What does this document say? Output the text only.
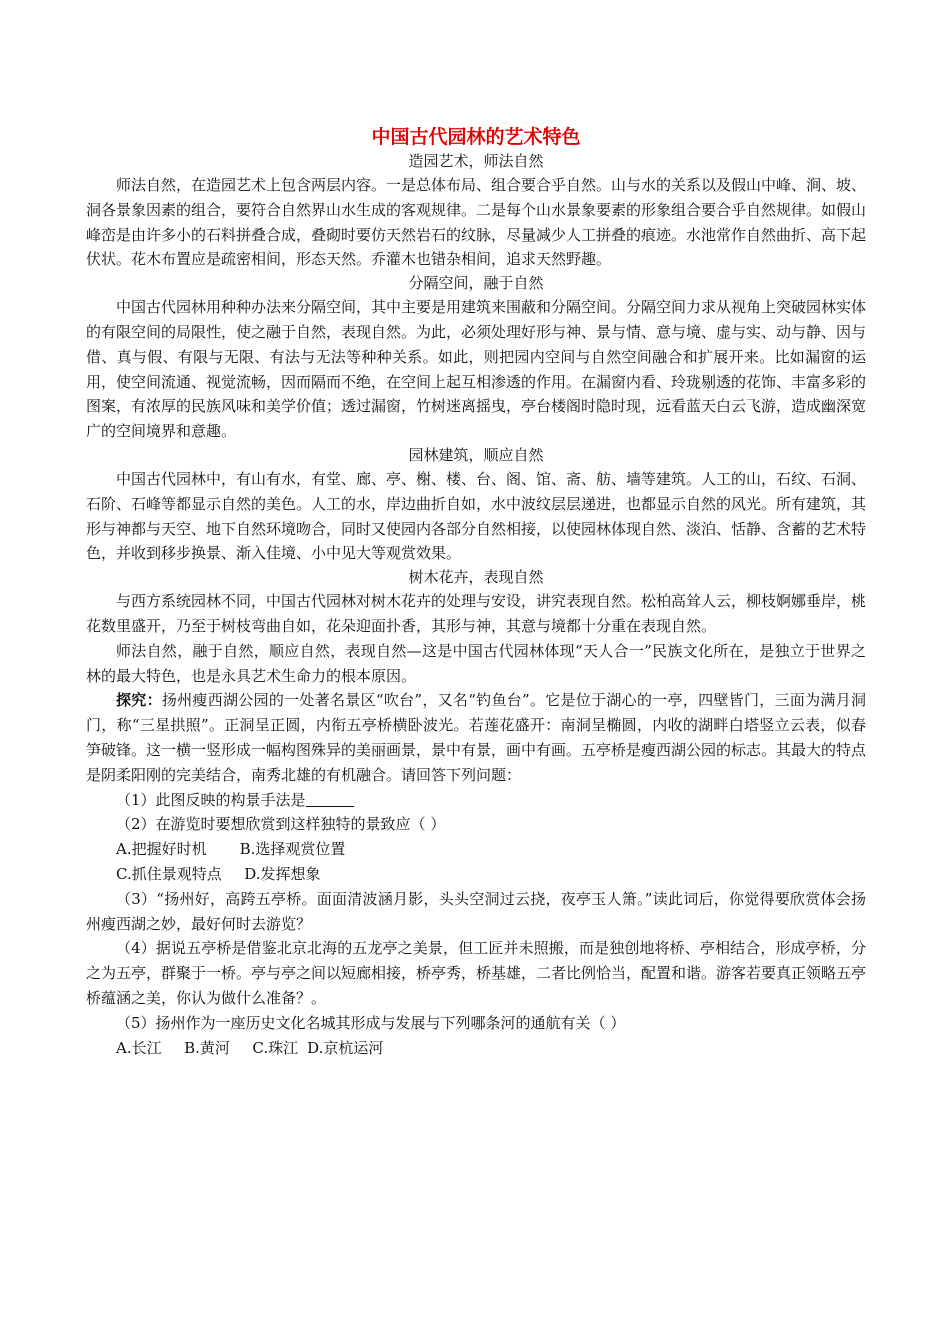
中国古代园林的艺术特色
造园艺术，师法自然

师法自然，在造园艺术上包含两层内容。一是总体布局、组合要合乎自然。山与水的关系以及假山中峰、涧、坡、洞各景象因素的组合，要符合自然界山水生成的客观规律。二是每个山水景象要素的形象组合要合乎自然规律。如假山峰峦是由许多小的石料拼叠合成，叠砌时要仿天然岩石的纹脉，尽量减少人工拼叠的痕迹。水池常作自然曲折、高下起伏状。花木布置应是疏密相间，形态天然。乔灌木也错杂相间，追求天然野趣。

分隔空间，融于自然

中国古代园林用种种办法来分隔空间，其中主要是用建筑来围蔽和分隔空间。分隔空间力求从视角上突破园林实体的有限空间的局限性，使之融于自然，表现自然。为此，必须处理好形与神、景与情、意与境、虚与实、动与静、因与借、真与假、有限与无限、有法与无法等种种关系。如此，则把园内空间与自然空间融合和扩展开来。比如漏窗的运用，使空间流通、视觉流畅，因而隔而不绝，在空间上起互相渗透的作用。在漏窗内看、玲珑剔透的花饰、丰富多彩的图案，有浓厚的民族风味和美学价值；透过漏窗，竹树迷离摇曳，亭台楼阁时隐时现，远看蓝天白云飞游，造成幽深宽广的空间境界和意趣。

园林建筑，顺应自然

中国古代园林中，有山有水，有堂、廊、亭、榭、楼、台、阁、馆、斋、舫、墙等建筑。人工的山，石纹、石洞、石阶、石峰等都显示自然的美色。人工的水，岸边曲折自如，水中波纹层层递进，也都显示自然的风光。所有建筑，其形与神都与天空、地下自然环境吻合，同时又使园内各部分自然相接，以使园林体现自然、淡泊、恬静、含蓄的艺术特色，并收到移步换景、渐入佳境、小中见大等观赏效果。

树木花卉，表现自然

与西方系统园林不同，中国古代园林对树木花卉的处理与安设，讲究表现自然。松柏高耸人云，柳枝婀娜垂岸，桃花数里盛开，乃至于树枝弯曲自如，花朵迎面扑香，其形与神，其意与境都十分重在表现自然。

师法自然，融于自然，顺应自然，表现自然—这是中国古代园林体现“天人合一”民族文化所在，是独立于世界之林的最大特色，也是永具艺术生命力的根本原因。

探究：扬州瘦西湖公园的一处著名景区“吹台”，又名“钓鱼台”。它是位于湖心的一亭，四壁皆门，三面为满月洞门，称“三星拱照”。正洞呈正圆，内衔五亭桥横卧波光。若莲花盛开：南洞呈椭圆，内收的湖畔白塔竖立云表，似春笋破锋。这一横一竖形成一幅构图殊异的美丽画景，景中有景，画中有画。五亭桥是瘦西湖公园的标志。其最大的特点是阴柔阳刚的完美结合，南秀北雄的有机融合。请回答下列问题：

（1）此图反映的构景手法是

（2）在游览时要想欣赏到这样独特的景致应（ ）

A.把握好时机 B.选择观赏位置

C.抓住景观特点 D.发挥想象

（3）“扬州好，高跨五亭桥。面面清波涵月影，头头空洞过云挠，夜亭玉人箫。”读此词后，你觉得要欣赏体会扬州瘦西湖之妙，最好何时去游览？

（4）据说五亭桥是借鉴北京北海的五龙亭之美景，但工匠并未照搬，而是独创地将桥、亭相结合，形成亭桥，分之为五亭，群聚于一桥。亭与亭之间以短廊相接，桥亭秀，桥基雄，二者比例恰当，配置和谐。游客若要真正领略五亭桥蕴涵之美，你认为做什么准备？。

（5）扬州作为一座历史文化名城其形成与发展与下列哪条河的通航有关（ ）

A.长江 B.黄河 C.珠江 D.京杭运河
